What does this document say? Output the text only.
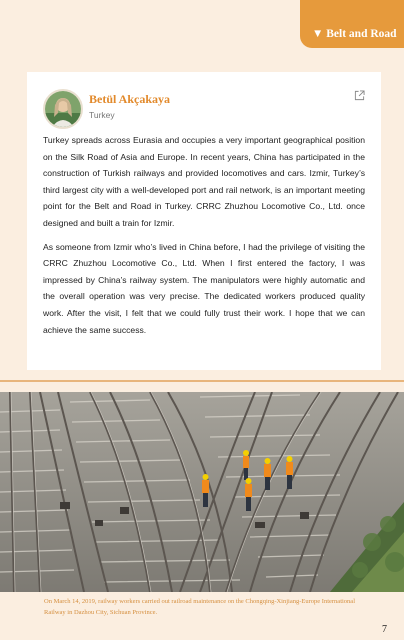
▼ Belt and Road
Betül Akçakaya
Turkey

Turkey spreads across Eurasia and occupies a very important geographical position on the Silk Road of Asia and Europe. In recent years, China has participated in the construction of Turkish railways and provided locomotives and cars. Izmir, Turkey’s third largest city with a well-developed port and rail network, is an important meeting point for the Belt and Road in Turkey. CRRC Zhuzhou Locomotive Co., Ltd. once designed and built a train for Izmir.

As someone from Izmir who’s lived in China before, I had the privilege of visiting the CRRC Zhuzhou Locomotive Co., Ltd. When I first entered the factory, I was impressed by China’s railway system. The manipulators were highly automatic and the overall operation was very precise. The dedicated workers produced quality work. After the visit, I felt that we could fully trust their work. I hope that we can achieve the same success.

On March 14, 2019, railway workers carried out railroad maintenance on the Chongqing-Xinjiang-Europe International Railway in Dazhou City, Sichuan Province.
7
